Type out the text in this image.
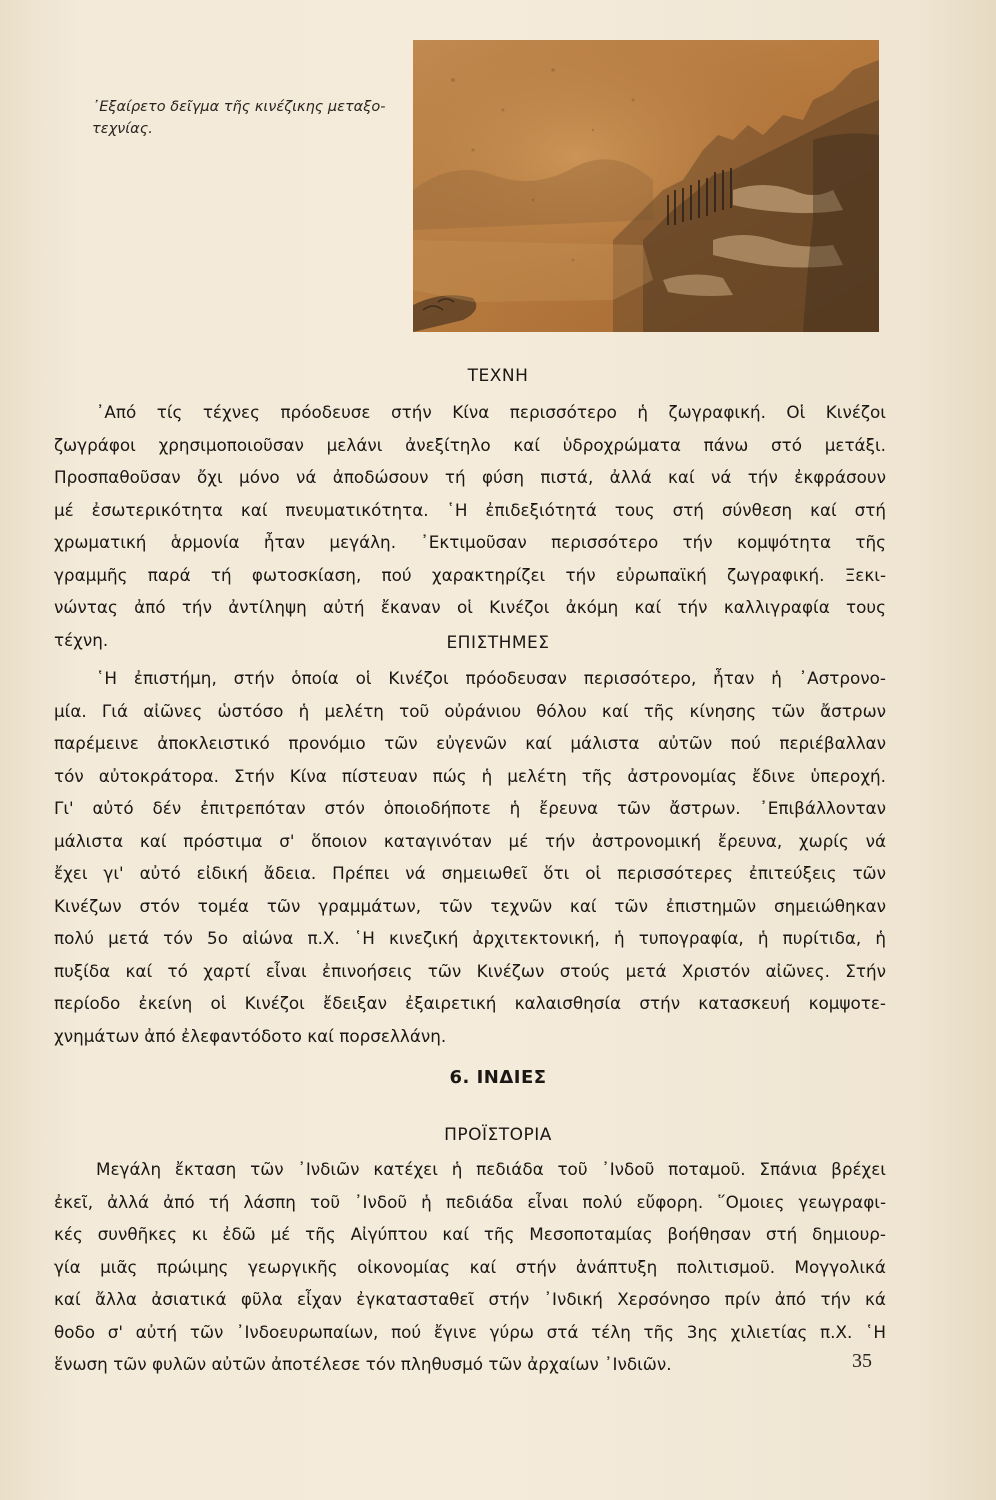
᾿Εξαίρετο δεῖγμα τῆς κινέζικης μεταξο-
τεχνίας.
ΤΕΧΝΗ
᾿Από τίς τέχνες πρόοδευσε στήν Κίνα περισσότερο ἡ ζωγραφική. Οἱ Κινέζοι
ζωγράφοι χρησιμοποιοῦσαν μελάνι ἀνεξίτηλο καί ὑδροχρώματα πάνω στό μετάξι.
Προσπαθοῦσαν ὄχι μόνο νά ἀποδώσουν τή φύση πιστά, ἀλλά καί νά τήν ἐκφράσουν
μέ ἐσωτερικότητα καί πνευματικότητα. ῾Η ἐπιδεξιότητά τους στή σύνθεση καί στή
χρωματική ἁρμονία ἦταν μεγάλη. ᾿Εκτιμοῦσαν περισσότερο τήν κομψότητα τῆς
γραμμῆς παρά τή φωτοσκίαση, πού χαρακτηρίζει τήν εὐρωπαϊκή ζωγραφική. Ξεκι-
νώντας ἀπό τήν ἀντίληψη αὐτή ἔκαναν οἱ Κινέζοι ἀκόμη καί τήν καλλιγραφία τους
τέχνη.	ΕΠΙΣΤΗΜΕΣ
῾Η ἐπιστήμη, στήν ὁποία οἱ Κινέζοι πρόοδευσαν περισσότερο, ἦταν ἡ ᾿Αστρονο-
μία. Γιά αἰῶνες ὡστόσο ἡ μελέτη τοῦ οὐράνιου θόλου καί τῆς κίνησης τῶν ἄστρων
παρέμεινε ἀποκλειστικό προνόμιο τῶν εὐγενῶν καί μάλιστα αὐτῶν πού περιέβαλλαν
τόν αὐτοκράτορα. Στήν Κίνα πίστευαν πώς ἡ μελέτη τῆς ἀστρονομίας ἔδινε ὑπεροχή.
Γι' αὐτό δέν ἐπιτρεπόταν στόν ὁποιοδήποτε ἡ ἔρευνα τῶν ἄστρων. ᾿Επιβάλλονταν
μάλιστα καί πρόστιμα σ' ὅποιον καταγινόταν μέ τήν ἀστρονομική ἔρευνα, χωρίς νά
ἔχει γι' αὐτό εἰδική ἄδεια. Πρέπει νά σημειωθεῖ ὅτι οἱ περισσότερες ἐπιτεύξεις τῶν
Κινέζων στόν τομέα τῶν γραμμάτων, τῶν τεχνῶν καί τῶν ἐπιστημῶν σημειώθηκαν
πολύ μετά τόν 5ο αἰώνα π.Χ. ῾Η κινεζική ἀρχιτεκτονική, ἡ τυπογραφία, ἡ πυρίτιδα, ἡ
πυξίδα καί τό χαρτί εἶναι ἐπινοήσεις τῶν Κινέζων στούς μετά Χριστόν αἰῶνες. Στήν
περίοδο ἐκείνη οἱ Κινέζοι ἔδειξαν ἐξαιρετική καλαισθησία στήν κατασκευή κομψοτε-
χνημάτων ἀπό ἐλεφαντόδοτο καί πορσελλάνη.
6. ΙΝΔΙΕΣ
ΠΡΟΪΣΤΟΡΙΑ
Μεγάλη ἔκταση τῶν ᾿Ινδιῶν κατέχει ἡ πεδιάδα τοῦ ᾿Ινδοῦ ποταμοῦ. Σπάνια βρέχει
ἐκεῖ, ἀλλά ἀπό τή λάσπη τοῦ ᾿Ινδοῦ ἡ πεδιάδα εἶναι πολύ εὔφορη. ῞Ομοιες γεωγραφι-
κές συνθῆκες κι ἐδῶ μέ τῆς Αἰγύπτου καί τῆς Μεσοποταμίας βοήθησαν στή δημιουρ-
γία μιᾶς πρώιμης γεωργικῆς οἰκονομίας καί στήν ἀνάπτυξη πολιτισμοῦ. Μογγολικά
καί ἄλλα ἀσιατικά φῦλα εἶχαν ἐγκατασταθεῖ στήν ᾿Ινδική Χερσόνησο πρίν ἀπό τήν κά
θοδο σ' αὐτή τῶν ᾿Ινδοευρωπαίων, πού ἔγινε γύρω στά τέλη τῆς 3ης χιλιετίας π.Χ. ῾Η
ἕνωση τῶν φυλῶν αὐτῶν ἀποτέλεσε τόν πληθυσμό τῶν ἀρχαίων ᾿Ινδιῶν.	35
